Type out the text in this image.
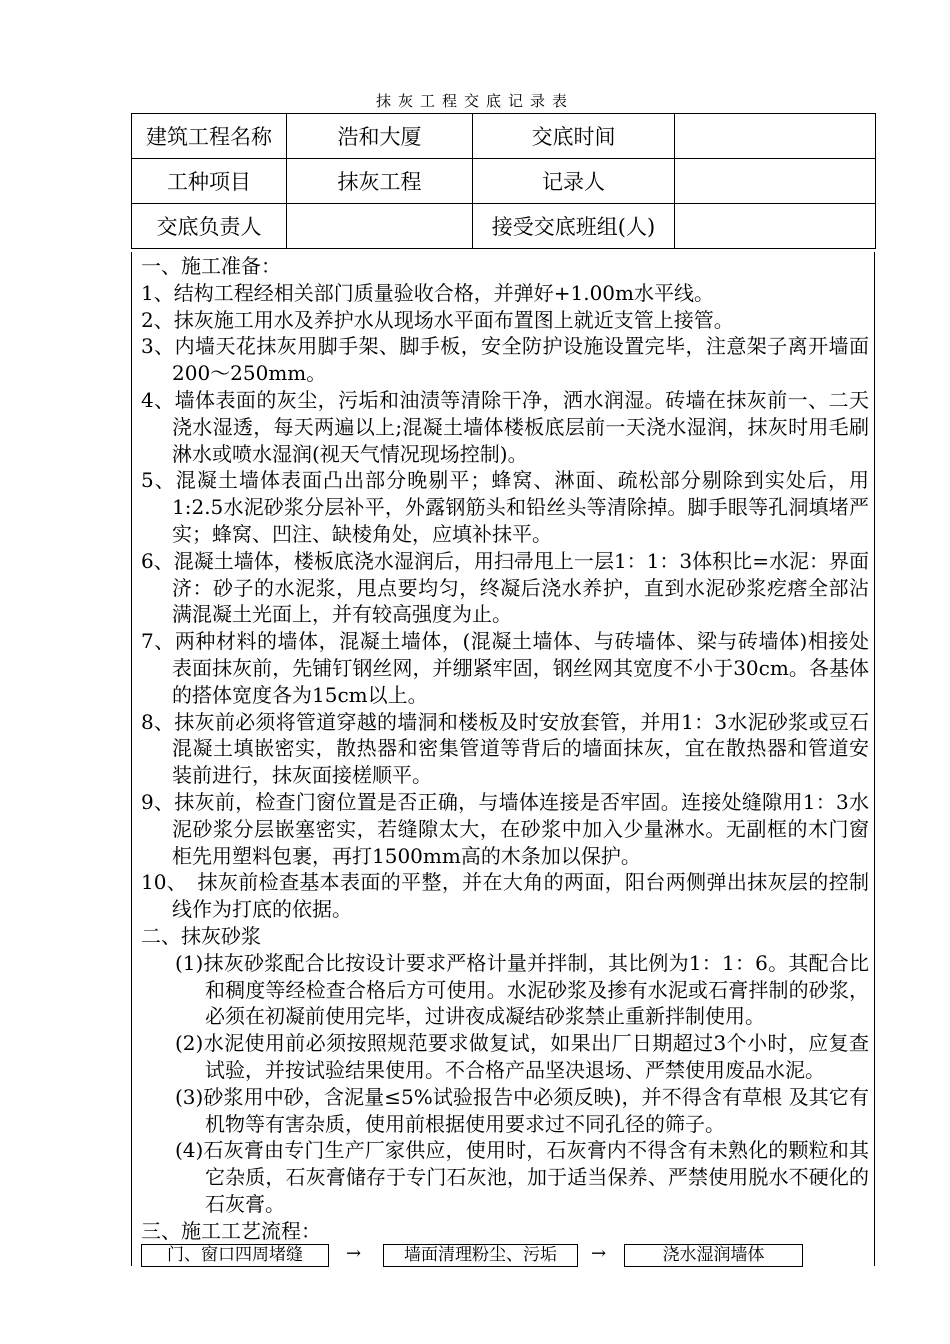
抹灰工程交底记录表
建筑工程名称	浩和大厦	交底时间	
工种项目	抹灰工程	记录人	
交底负责人		接受交底班组(人)	

一、施工准备：

1、结构工程经相关部门质量验收合格，并弹好+1.00m水平线。

2、抹灰施工用水及养护水从现场水平面布置图上就近支管上接管。

3、内墙天花抹灰用脚手架、脚手板，安全防护设施设置完毕，注意架子离开墙面200～250mm。

4、墙体表面的灰尘，污垢和油渍等清除干净，洒水润湿。砖墙在抹灰前一、二天浇水湿透，每天两遍以上;混凝土墙体楼板底层前一天浇水湿润，抹灰时用毛刷淋水或喷水湿润(视天气情况现场控制)。

5、混凝土墙体表面凸出部分晚剔平；蜂窝、淋面、疏松部分剔除到实处后，用1:2.5水泥砂浆分层补平，外露钢筋头和铅丝头等清除掉。脚手眼等孔洞填堵严实；蜂窝、凹注、缺棱角处，应填补抹平。

6、混凝土墙体，楼板底浇水湿润后，用扫帚甩上一层1：1：3体积比=水泥：界面济：砂子的水泥浆，甩点要均匀，终凝后浇水养护，直到水泥砂浆疙瘩全部沾满混凝土光面上，并有较高强度为止。

7、两种材料的墙体，混凝土墙体，(混凝土墙体、与砖墙体、梁与砖墙体)相接处表面抹灰前，先铺钉钢丝网，并绷紧牢固，钢丝网其宽度不小于30cm。各基体的搭体宽度各为15cm以上。

8、抹灰前必须将管道穿越的墙洞和楼板及时安放套管，并用1：3水泥砂浆或豆石混凝土填嵌密实，散热器和密集管道等背后的墙面抹灰，宜在散热器和管道安装前进行，抹灰面接槎顺平。

9、抹灰前，检查门窗位置是否正确，与墙体连接是否牢固。连接处缝隙用1：3水泥砂浆分层嵌塞密实，若缝隙太大，在砂浆中加入少量淋水。无副框的木门窗柜先用塑料包裹，再打1500mm高的木条加以保护。

10、　抹灰前检查基本表面的平整，并在大角的两面，阳台两侧弹出抹灰层的控制线作为打底的依据。

二、抹灰砂浆

(1)抹灰砂浆配合比按设计要求严格计量并拌制，其比例为1：1：6。其配合比和稠度等经检查合格后方可使用。水泥砂浆及掺有水泥或石膏拌制的砂浆，必须在初凝前使用完毕，过讲夜成凝结砂浆禁止重新拌制使用。

(2)水泥使用前必须按照规范要求做复试，如果出厂日期超过3个小时，应复查试验，并按试验结果使用。不合格产品坚决退场、严禁使用废品水泥。

(3)砂浆用中砂，含泥量≤5%试验报告中必须反映)，并不得含有草根 及其它有机物等有害杂质，使用前根据使用要求过不同孔径的筛子。

(4)石灰膏由专门生产厂家供应，使用时，石灰膏内不得含有未熟化的颗粒和其它杂质，石灰膏储存于专门石灰池，加于适当保养、严禁使用脱水不硬化的石灰膏。

三、施工工艺流程：

门、窗口四周堵缝	→	墙面清理粉尘、污垢	→	浇水湿润墙体
